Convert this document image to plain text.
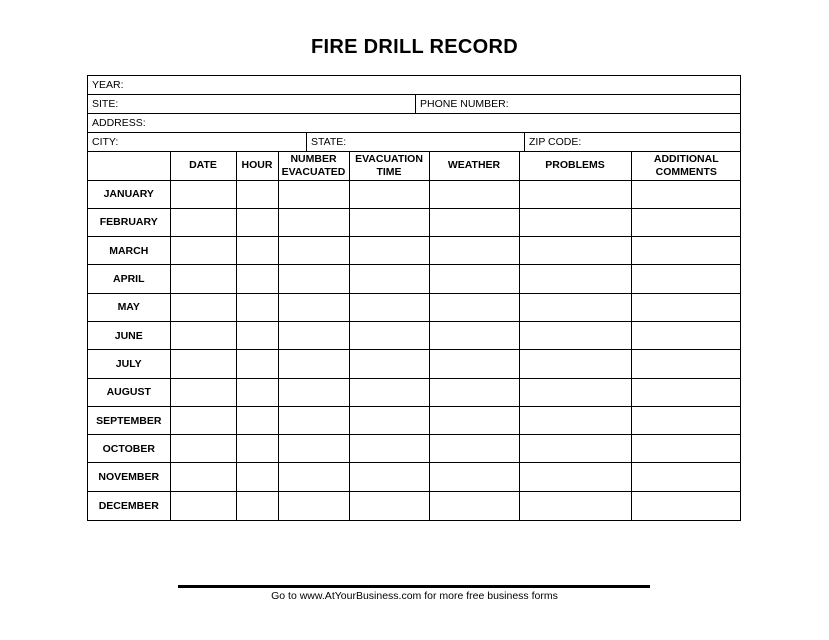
FIRE DRILL RECORD
YEAR:
SITE:	PHONE NUMBER:
ADDRESS:
CITY:	STATE:	ZIP CODE:
	DATE	HOUR	NUMBER EVACUATED	EVACUATION TIME	WEATHER	PROBLEMS	ADDITIONAL COMMENTS
JANUARY							
FEBRUARY							
MARCH							
APRIL							
MAY							
JUNE							
JULY							
AUGUST							
SEPTEMBER							
OCTOBER							
NOVEMBER							
DECEMBER							
Go to www.AtYourBusiness.com for more free business forms
